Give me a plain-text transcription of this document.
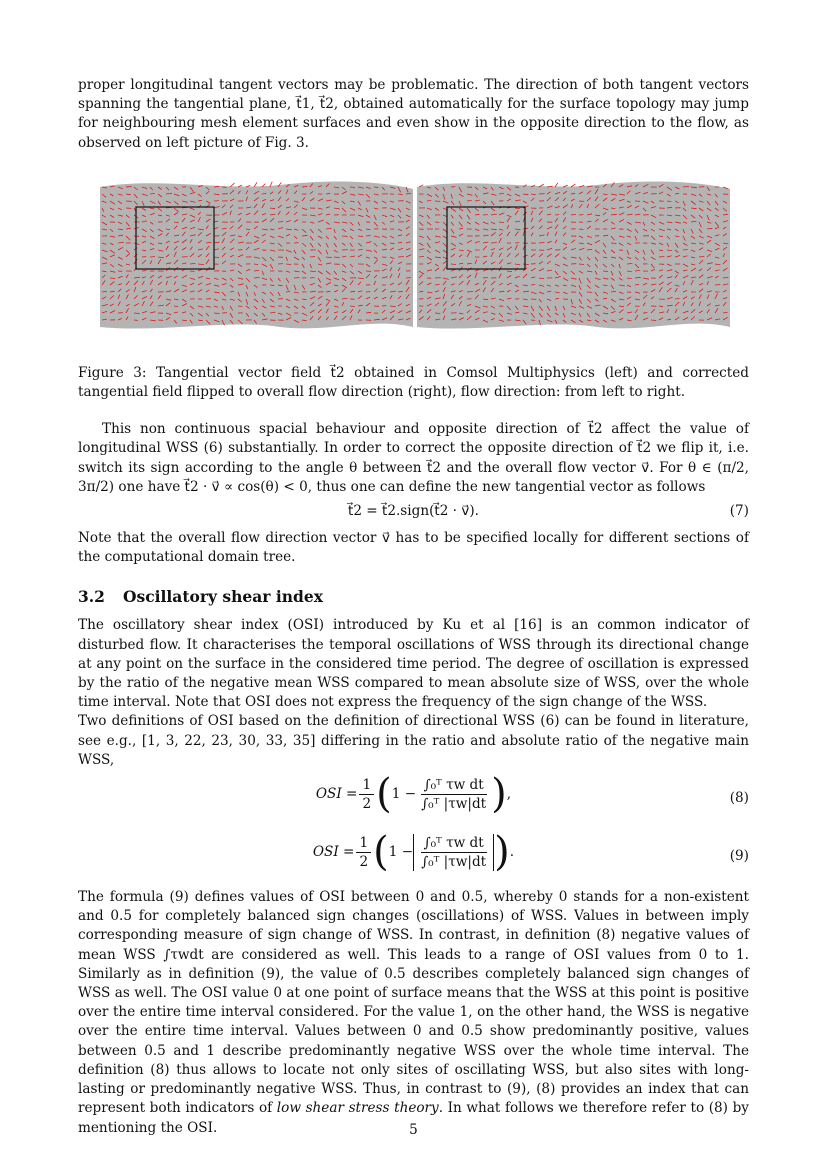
proper longitudinal tangent vectors may be problematic. The direction of both tangent vectors spanning the tangential plane, t⃗1, t⃗2, obtained automatically for the surface topology may jump for neighbouring mesh element surfaces and even show in the opposite direction to the flow, as observed on left picture of Fig. 3.

Figure 3: Tangential vector field t⃗2 obtained in Comsol Multiphysics (left) and corrected tangential field flipped to overall flow direction (right), flow direction: from left to right.

This non continuous spacial behaviour and opposite direction of t⃗2 affect the value of longitudinal WSS (6) substantially. In order to correct the opposite direction of t⃗2 we flip it, i.e. switch its sign according to the angle θ between t⃗2 and the overall flow vector v⃗. For θ ∈ (π/2, 3π/2) one have t⃗2 · v⃗ ∝ cos(θ) < 0, thus one can define the new tangential vector as follows

t⃗2 = t⃗2.sign(t⃗2 · v⃗).	(7)

Note that the overall flow direction vector v⃗ has to be specified locally for different sections of the computational domain tree.

3.2 Oscillatory shear index

The oscillatory shear index (OSI) introduced by Ku et al [16] is an common indicator of disturbed flow. It characterises the temporal oscillations of WSS through its directional change at any point on the surface in the considered time period. The degree of oscillation is expressed by the ratio of the negative mean WSS compared to mean absolute size of WSS, over the whole time interval. Note that OSI does not express the frequency of the sign change of the WSS.

Two definitions of OSI based on the definition of directional WSS (6) can be found in literature, see e.g., [1, 3, 22, 23, 30, 33, 35] differing in the ratio and absolute ratio of the negative main WSS,

OSI = $\frac{1}{2}$ ( $1 - \frac{\text{∫₀ᵀ τw dt}}{\text{∫₀ᵀ |τw|dt}}$ ) ,	(8)
OSI = $\frac{1}{2}$ ( $1 - \frac{\text{∫₀ᵀ τw dt}}{\text{∫₀ᵀ |τw|dt}}$ ) .	(9)

The formula (9) defines values of OSI between 0 and 0.5, whereby 0 stands for a non-existent and 0.5 for completely balanced sign changes (oscillations) of WSS. Values in between imply corresponding measure of sign change of WSS. In contrast, in definition (8) negative values of mean WSS ∫τwdt are considered as well. This leads to a range of OSI values from 0 to 1. Similarly as in definition (9), the value of 0.5 describes completely balanced sign changes of WSS as well. The OSI value 0 at one point of surface means that the WSS at this point is positive over the entire time interval considered. For the value 1, on the other hand, the WSS is negative over the entire time interval. Values between 0 and 0.5 show predominantly positive, values between 0.5 and 1 describe predominantly negative WSS over the whole time interval. The definition (8) thus allows to locate not only sites of oscillating WSS, but also sites with long-lasting or predominantly negative WSS. Thus, in contrast to (9), (8) provides an index that can represent both indicators of low shear stress theory. In what follows we therefore refer to (8) by mentioning the OSI.	5
